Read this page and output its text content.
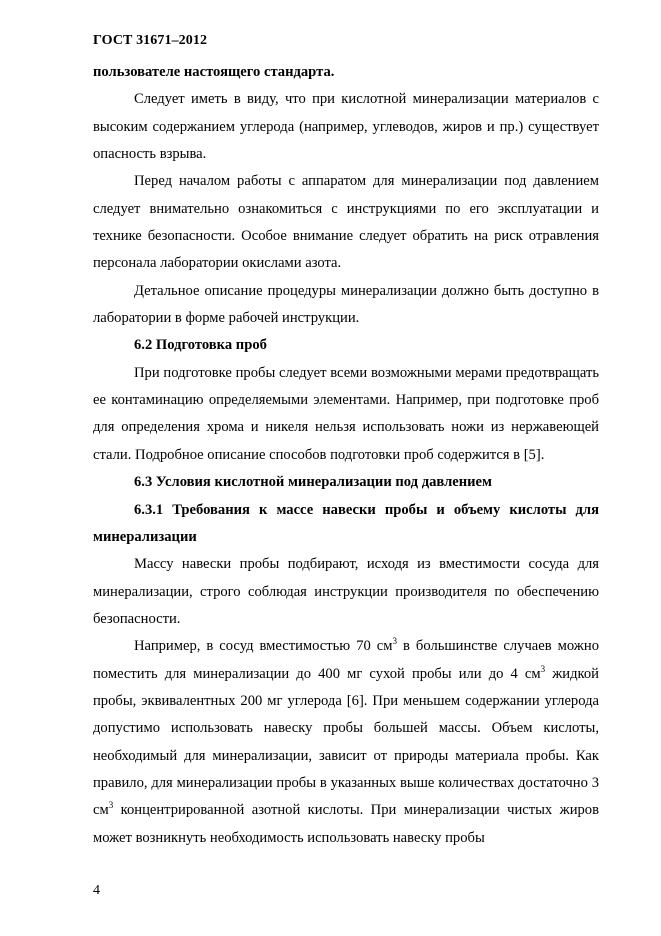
ГОСТ 31671–2012

пользователе настоящего стандарта.

Следует иметь в виду, что при кислотной минерализации материалов с высоким содержанием углерода (например, углеводов, жиров и пр.) существует опасность взрыва.

Перед началом работы с аппаратом для минерализации под давлением следует внимательно ознакомиться с инструкциями по его эксплуатации и технике безопасности. Особое внимание следует обратить на риск отравления персонала лаборатории окислами азота.

Детальное описание процедуры минерализации должно быть доступно в лаборатории в форме рабочей инструкции.

6.2 Подготовка проб

При подготовке пробы следует всеми возможными мерами предотвращать ее контаминацию определяемыми элементами. Например, при подготовке проб для определения хрома и никеля нельзя использовать ножи из нержавеющей стали. Подробное описание способов подготовки проб содержится в [5].

6.3 Условия кислотной минерализации под давлением

6.3.1 Требования к массе навески пробы и объему кислоты для минерализации

Массу навески пробы подбирают, исходя из вместимости сосуда для минерализации, строго соблюдая инструкции производителя по обеспечению безопасности.

Например, в сосуд вместимостью 70 $см^3$ в большинстве случаев можно поместить для минерализации до 400 мг сухой пробы или до 4 $см^3$ жидкой пробы, эквивалентных 200 мг углерода [6]. При меньшем содержании углерода допустимо использовать навеску пробы большей массы. Объем кислоты, необходимый для минерализации, зависит от природы материала пробы. Как правило, для минерализации пробы в указанных выше количествах достаточно 3 $см^3$ концентрированной азотной кислоты. При минерализации чистых жиров может возникнуть необходимость использовать навеску пробы

4
